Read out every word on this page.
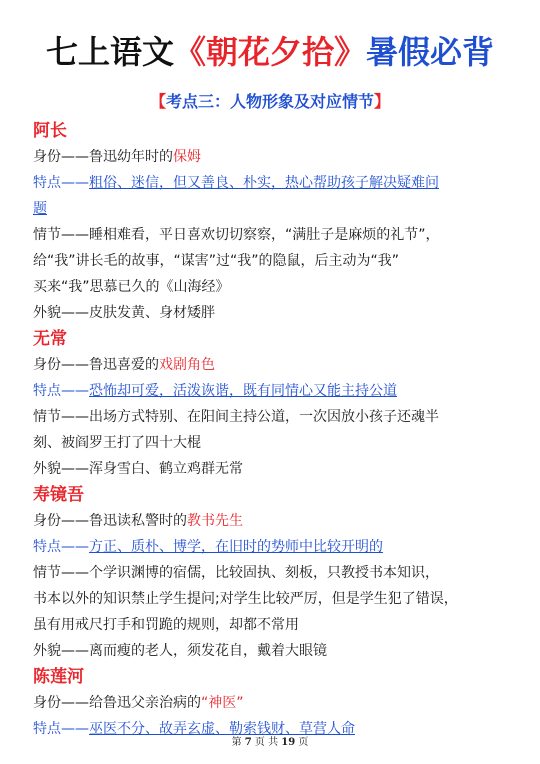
七上语文《朝花夕拾》暑假必背
【考点三：人物形象及对应情节】
阿长
身份——鲁迅幼年时的保姆
特点——粗俗、迷信，但又善良、朴实，热心帮助孩子解决疑难问
题
情节——睡相难看，平日喜欢切切察察，“满肚子是麻烦的礼节”，
给“我”讲长毛的故事，“谋害”过“我”的隐鼠，后主动为“我”
买来“我”思慕已久的《山海经》
外貌——皮肤发黄、身材矮胖
无常
身份——鲁迅喜爱的戏剧角色
特点——恐怖却可爱，活泼诙谐，既有同情心又能主持公道
情节——出场方式特别、在阳间主持公道，一次因放小孩子还魂半
刻、被阎罗王打了四十大棍
外貌——浑身雪白、鹤立鸡群无常
寿镜吾
身份——鲁迅读私警时的教书先生
特点——方正、质朴、博学，在旧时的势师中比较开明的
情节——个学识渊博的宿儒，比较固执、刻板，只教授书本知识，
书本以外的知识禁止学生提问;对学生比较严厉，但是学生犯了错误，
虽有用戒尺打手和罚跪的规则，却都不常用
外貌——离而瘦的老人，须发花自，戴着大眼镜
陈莲河
身份——给鲁迅父亲治病的“神医”
特点——巫医不分、故弄玄虚、勒索钱财、草营人命
第 7 页 共 19 页
